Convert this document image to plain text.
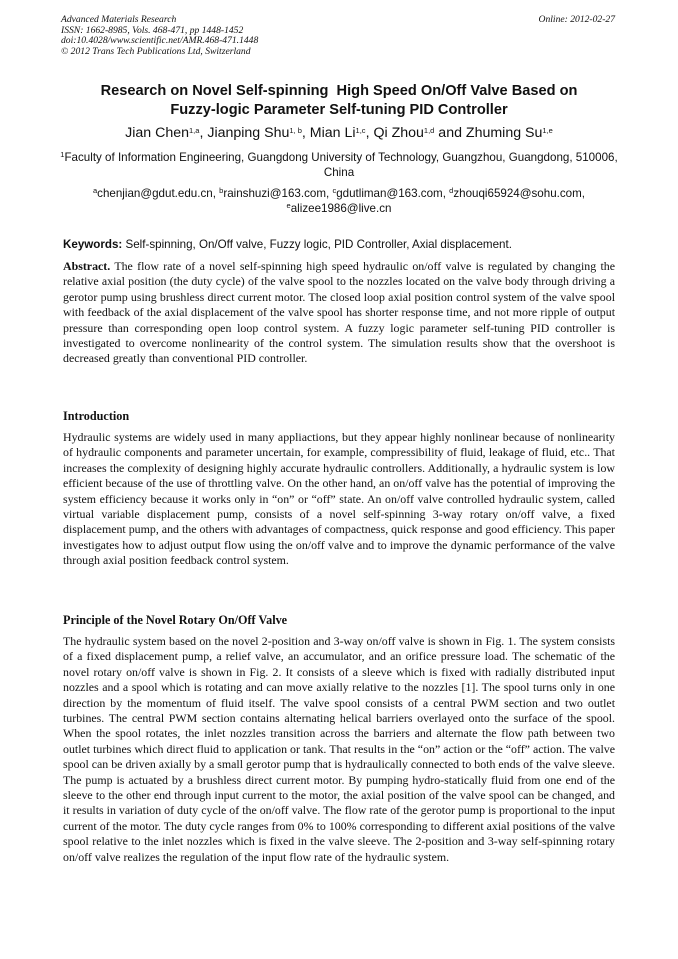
Advanced Materials Research
ISSN: 1662-8985, Vols. 468-471, pp 1448-1452
doi:10.4028/www.scientific.net/AMR.468-471.1448
© 2012 Trans Tech Publications Ltd, Switzerland
Online: 2012-02-27
Research on Novel Self-spinning  High Speed On/Off Valve Based on
Fuzzy-logic Parameter Self-tuning PID Controller
Jian Chen$^{1,a}$, Jianping Shu$^{1, b}$, Mian Li$^{1,c}$, Qi Zhou$^{1,d}$ and Zhuming Su$^{1,e}$
$^1$Faculty of Information Engineering, Guangdong University of Technology, Guangzhou, Guangdong, 510006, China
$^a$chenjian@gdut.edu.cn, $^b$rainshuzi@163.com, $^c$gdutliman@163.com, $^d$zhouqi65924@sohu.com, $^e$alizee1986@live.cn
Keywords: Self-spinning, On/Off valve, Fuzzy logic, PID Controller, Axial displacement.
Abstract. The flow rate of a novel self-spinning high speed hydraulic on/off valve is regulated by changing the relative axial position (the duty cycle) of the valve spool to the nozzles located on the valve body through driving a gerotor pump using brushless direct current motor. The closed loop axial position control system of the valve spool with feedback of the axial displacement of the valve spool has shorter response time, and not more ripple of output pressure than corresponding open loop control system. A fuzzy logic parameter self-tuning PID controller is investigated to overcome nonlinearity of the control system. The simulation results show that the overshoot is decreased greatly than conventional PID controller.
Introduction
Hydraulic systems are widely used in many appliactions, but they appear highly nonlinear because of nonlinearity of hydraulic components and parameter uncertain, for example, compressibility of fluid, leakage of fluid, etc.. That increases the complexity of designing highly accurate hydraulic controllers. Additionally, a hydraulic system is low efficient because of the use of throttling valve. On the other hand, an on/off valve has the potential of improving the system efficiency because it works only in “on” or “off” state. An on/off valve controlled hydraulic system, called virtual variable displacement pump, consists of a novel self-spinning 3-way rotary on/off valve, a fixed displacement pump, and the others with advantages of compactness, quick response and good efficiency. This paper investigates how to adjust output flow using the on/off valve and to improve the dynamic performance of the valve through axial position feedback control system.
Principle of the Novel Rotary On/Off Valve
The hydraulic system based on the novel 2-position and 3-way on/off valve is shown in Fig. 1. The system consists of a fixed displacement pump, a relief valve, an accumulator, and an orifice pressure load. The schematic of the novel rotary on/off valve is shown in Fig. 2. It consists of a sleeve which is fixed with radially distributed input nozzles and a spool which is rotating and can move axially relative to the nozzles [1]. The spool turns only in one direction by the momentum of fluid itself. The valve spool consists of a central PWM section and two outlet turbines. The central PWM section contains alternating helical barriers overlayed onto the surface of the spool. When the spool rotates, the inlet nozzles transition across the barriers and alternate the flow path between two outlet turbines which direct fluid to application or tank. That results in the “on” action or the “off” action. The valve spool can be driven axially by a small gerotor pump that is hydraulically connected to both ends of the valve sleeve. The pump is actuated by a brushless direct current motor. By pumping hydro-statically fluid from one end of the sleeve to the other end through input current to the motor, the axial position of the valve spool can be changed, and it results in variation of duty cycle of the on/off valve. The flow rate of the gerotor pump is proportional to the input current of the motor. The duty cycle ranges from 0% to 100% corresponding to different axial positions of the valve spool relative to the inlet nozzles which is fixed in the valve sleeve. The 2-position and 3-way self-spinning rotary on/off valve realizes the regulation of the input flow rate of the hydraulic system.
